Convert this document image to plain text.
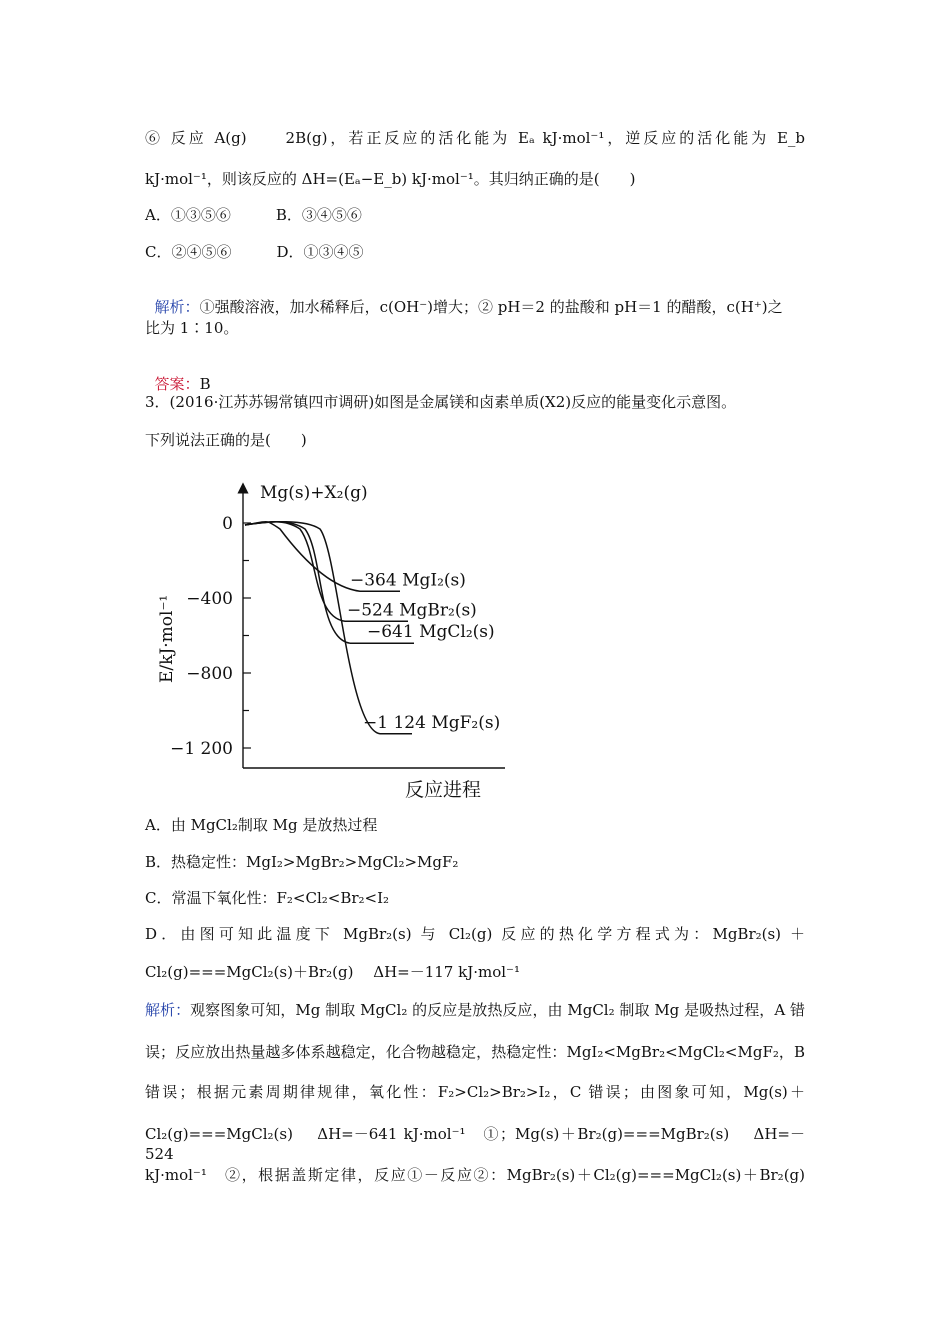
⑥ 反应 A(g)　　2B(g)，若正反应的活化能为 Eₐ kJ·mol⁻¹，逆反应的活化能为 E_b
kJ·mol⁻¹，则该反应的 ΔH=(Eₐ−E_b) kJ·mol⁻¹。其归纳正确的是(　　)
A．①③⑤⑥　　　B．③④⑤⑥
C．②④⑤⑥　　　D．①③④⑤

解析：①强酸溶液，加水稀释后，c(OH⁻)增大；② pH＝2 的盐酸和 pH＝1 的醋酸，c(H⁺)之

比为 1∶10。

答案：B

3．(2016·江苏苏锡常镇四市调研)如图是金属镁和卤素单质(X2)反应的能量变化示意图。
下列说法正确的是(　　)
Mg(s)+X₂(g)
反应进程
E/kJ·mol⁻¹
0
−400
−800
−1 200
−364 MgI₂(s)
−524 MgBr₂(s)
−641 MgCl₂(s)
−1 124 MgF₂(s)
A．由 MgCl₂制取 Mg 是放热过程
B．热稳定性：MgI₂>MgBr₂>MgCl₂>MgF₂
C．常温下氧化性：F₂<Cl₂<Br₂<I₂
D．由图可知此温度下 MgBr₂(s) 与 Cl₂(g) 反应的热化学方程式为：MgBr₂(s) ＋
Cl₂(g)===MgCl₂(s)＋Br₂(g)　 ΔH=－117 kJ·mol⁻¹
解析：观察图象可知，Mg 制取 MgCl₂ 的反应是放热反应，由 MgCl₂ 制取 Mg 是吸热过程，A 错
误；反应放出热量越多体系越稳定，化合物越稳定，热稳定性：MgI₂<MgBr₂<MgCl₂<MgF₂，B
错误；根据元素周期律规律，氧化性：F₂>Cl₂>Br₂>I₂，C 错误；由图象可知，Mg(s)＋
Cl₂(g)===MgCl₂(s)　 ΔH=－641 kJ·mol⁻¹　①；Mg(s)＋Br₂(g)===MgBr₂(s)　 ΔH=－524
kJ·mol⁻¹　②，根据盖斯定律，反应①－反应②：MgBr₂(s)＋Cl₂(g)===MgCl₂(s)＋Br₂(g)
